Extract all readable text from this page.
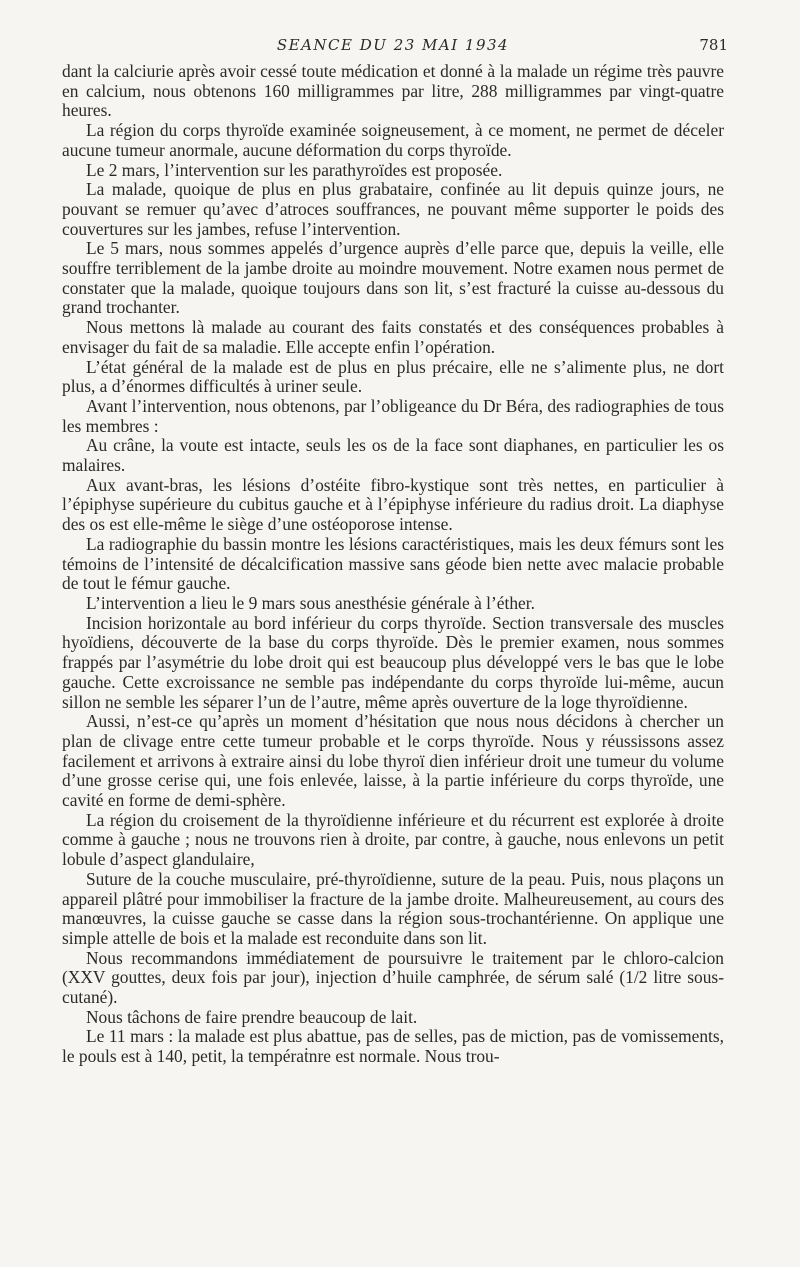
SEANCE DU 23 MAI 1934	781

dant la calciurie après avoir cessé toute médication et donné à la malade un régime très pauvre en calcium, nous obtenons 160 milligrammes par litre, 288 milligrammes par vingt-quatre heures.

La région du corps thyroïde examinée soigneusement, à ce moment, ne permet de déceler aucune tumeur anormale, aucune déformation du corps thyroïde.

Le 2 mars, l’intervention sur les parathyroïdes est proposée.

La malade, quoique de plus en plus grabataire, confinée au lit depuis quinze jours, ne pouvant se remuer qu’avec d’atroces souffrances, ne pouvant même supporter le poids des couvertures sur les jambes, refuse l’intervention.

Le 5 mars, nous sommes appelés d’urgence auprès d’elle parce que, depuis la veille, elle souffre terriblement de la jambe droite au moindre mouvement. Notre examen nous permet de constater que la malade, quoique toujours dans son lit, s’est fracturé la cuisse au-dessous du grand trochanter.

Nous mettons là malade au courant des faits constatés et des conséquences probables à envisager du fait de sa maladie. Elle accepte enfin l’opération.

L’état général de la malade est de plus en plus précaire, elle ne s’alimente plus, ne dort plus, a d’énormes difficultés à uriner seule.

Avant l’intervention, nous obtenons, par l’obligeance du Dr Béra, des radiographies de tous les membres :

Au crâne, la voute est intacte, seuls les os de la face sont diaphanes, en particulier les os malaires.

Aux avant-bras, les lésions d’ostéite fibro-kystique sont très nettes, en particulier à l’épiphyse supérieure du cubitus gauche et à l’épiphyse inférieure du radius droit. La diaphyse des os est elle-même le siège d’une ostéoporose intense.

La radiographie du bassin montre les lésions caractéristiques, mais les deux fémurs sont les témoins de l’intensité de décalcification massive sans géode bien nette avec malacie probable de tout le fémur gauche.

L’intervention a lieu le 9 mars sous anesthésie générale à l’éther.

Incision horizontale au bord inférieur du corps thyroïde. Section transversale des muscles hyoïdiens, découverte de la base du corps thyroïde. Dès le premier examen, nous sommes frappés par l’asymétrie du lobe droit qui est beaucoup plus développé vers le bas que le lobe gauche. Cette excroissance ne semble pas indépendante du corps thyroïde lui-même, aucun sillon ne semble les séparer l’un de l’autre, même après ouverture de la loge thyroïdienne.

Aussi, n’est-ce qu’après un moment d’hésitation que nous nous décidons à chercher un plan de clivage entre cette tumeur probable et le corps thyroïde. Nous y réussissons assez facilement et arrivons à extraire ainsi du lobe thyroï dien inférieur droit une tumeur du volume d’une grosse cerise qui, une fois enlevée, laisse, à la partie inférieure du corps thyroïde, une cavité en forme de demi-sphère.

La région du croisement de la thyroïdienne inférieure et du récurrent est explorée à droite comme à gauche ; nous ne trouvons rien à droite, par contre, à gauche, nous enlevons un petit lobule d’aspect glandulaire,

Suture de la couche musculaire, pré-thyroïdienne, suture de la peau. Puis, nous plaçons un appareil plâtré pour immobiliser la fracture de la jambe droite. Malheureusement, au cours des manœuvres, la cuisse gauche se casse dans la région sous-trochantérienne. On applique une simple attelle de bois et la malade est reconduite dans son lit.

Nous recommandons immédiatement de poursuivre le traitement par le chloro-calcion (XXV gouttes, deux fois par jour), injection d’huile camphrée, de sérum salé (1/2 litre sous-cutané).

Nous tâchons de faire prendre beaucoup de lait.

Le 11 mars : la malade est plus abattue, pas de selles, pas de miction, pas de vomissements, le pouls est à 140, petit, la tempéraṫnre est normale. Nous trou-
